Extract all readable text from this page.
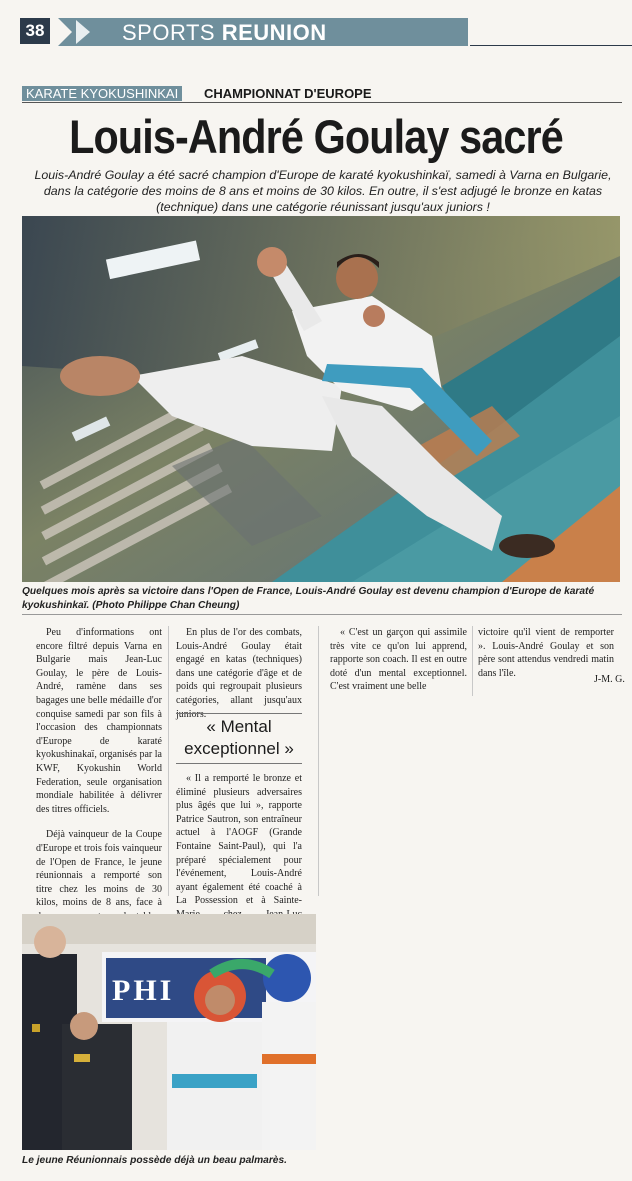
38	SPORTS REUNION
KARATE KYOKUSHINKAI	CHAMPIONNAT D'EUROPE
Louis-André Goulay sacré
Louis-André Goulay a été sacré champion d'Europe de karaté kyokushinkaï, samedi à Varna en Bulgarie, dans la catégorie des moins de 8 ans et moins de 30 kilos. En outre, il s'est adjugé le bronze en katas (technique) dans une catégorie réunissant jusqu'aux juniors !
Quelques mois après sa victoire dans l'Open de France, Louis-André Goulay est devenu champion d'Europe de karaté kyokushinkaï. (Photo Philippe Chan Cheung)

Peu d'informations ont encore filtré depuis Varna en Bulgarie mais Jean-Luc Goulay, le père de Louis-André, ramène dans ses bagages une belle médaille d'or conquise samedi par son fils à l'occasion des championnats d'Europe de karaté kyokushinakaï, organisés par la KWF, Kyokushin World Federation, seule organisation mondiale habilitée à délivrer des titres officiels.

Déjà vainqueur de la Coupe d'Europe et trois fois vainqueur de l'Open de France, le jeune réunionnais a remporté son titre chez les moins de 30 kilos, moins de 8 ans, face à

En plus de l'or des combats, Louis-André Goulay était engagé en katas (techniques) dans une catégorie d'âge et de poids qui regroupait plusieurs catégories, allant jusqu'aux juniors.

« Mental exceptionnel »

« Il a remporté le bronze et éliminé plusieurs adversaires plus âgés que lui », rapporte Patrice Sautron, son entraîneur actuel à l'AOGF (Grande Fontaine Saint-Paul), qui l'a préparé spécialement pour l'événement, Louis-André ayant également été coaché à La Possession et à Sainte-

« C'est un garçon qui assimile très vite ce qu'on lui apprend, rapporte son coach. Il est en outre doté d'un mental exceptionnel. C'est vraiment une belle

victoire qu'il vient de remporter ». Louis-André Goulay et son père sont attendus vendredi matin dans l'île.

J-M. G.
PHI
Le jeune Réunionnais possède déjà un beau palmarès.
